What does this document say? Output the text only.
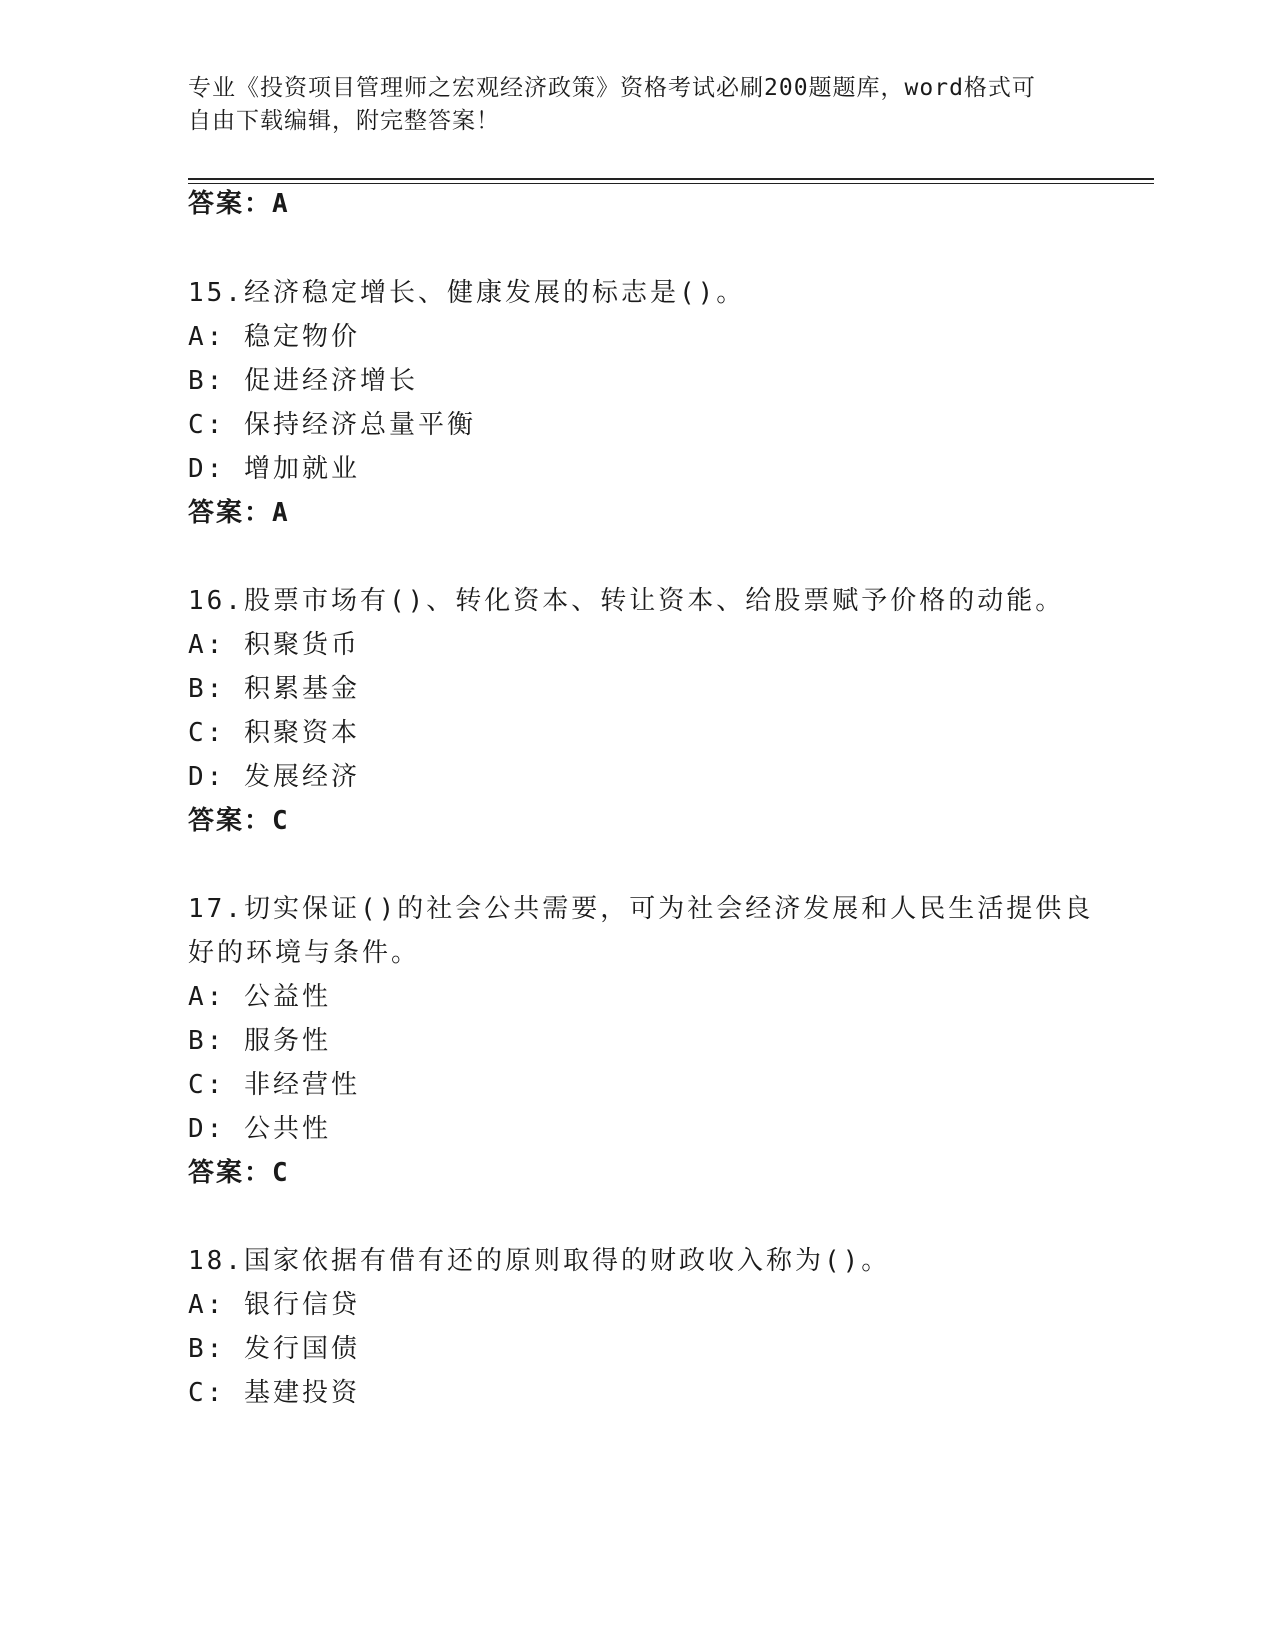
专业《投资项目管理师之宏观经济政策》资格考试必刷200题题库，word格式可
自由下载编辑，附完整答案！
答案：A
15.经济稳定增长、健康发展的标志是()。
A: 稳定物价
B: 促进经济增长
C: 保持经济总量平衡
D: 增加就业
答案：A
16.股票市场有()、转化资本、转让资本、给股票赋予价格的动能。
A: 积聚货币
B: 积累基金
C: 积聚资本
D: 发展经济
答案：C
17.切实保证()的社会公共需要，可为社会经济发展和人民生活提供良
好的环境与条件。
A: 公益性
B: 服务性
C: 非经营性
D: 公共性
答案：C
18.国家依据有借有还的原则取得的财政收入称为()。
A: 银行信贷
B: 发行国债
C: 基建投资
